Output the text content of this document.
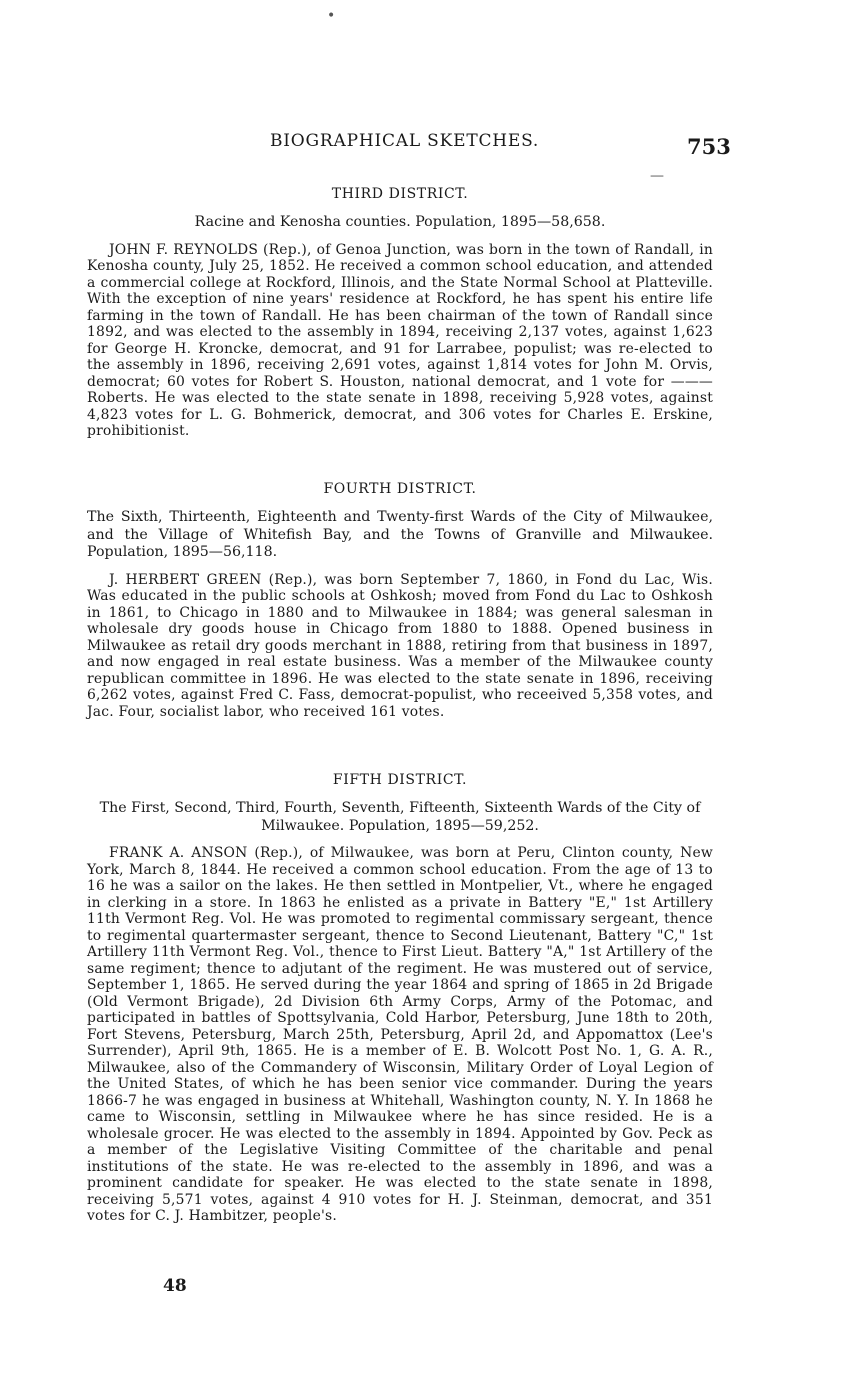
BIOGRAPHICAL SKETCHES.	753
•
—
THIRD DISTRICT.
Racine and Kenosha counties. Population, 1895—58,658.

JOHN F. REYNOLDS (Rep.), of Genoa Junction, was born in the town of Randall, in Kenosha county, July 25, 1852. He received a common school education, and attended a commercial college at Rockford, Illinois, and the State Normal School at Platteville. With the exception of nine years' residence at Rockford, he has spent his entire life farming in the town of Randall. He has been chairman of the town of Randall since 1892, and was elected to the assembly in 1894, receiving 2,137 votes, against 1,623 for George H. Kroncke, democrat, and 91 for Larrabee, populist; was re-elected to the assembly in 1896, receiving 2,691 votes, against 1,814 votes for John M. Orvis, democrat; 60 votes for Robert S. Houston, national democrat, and 1 vote for ——— Roberts. He was elected to the state senate in 1898, receiving 5,928 votes, against 4,823 votes for L. G. Bohmerick, democrat, and 306 votes for Charles E. Erskine, prohibitionist.

FOURTH DISTRICT.
The Sixth, Thirteenth, Eighteenth and Twenty-first Wards of the City of Milwaukee, and the Village of Whitefish Bay, and the Towns of Granville and Milwaukee. Population, 1895—56,118.

J. HERBERT GREEN (Rep.), was born September 7, 1860, in Fond du Lac, Wis. Was educated in the public schools at Oshkosh; moved from Fond du Lac to Oshkosh in 1861, to Chicago in 1880 and to Milwaukee in 1884; was general salesman in wholesale dry goods house in Chicago from 1880 to 1888. Opened business in Milwaukee as retail dry goods merchant in 1888, retiring from that business in 1897, and now engaged in real estate business. Was a member of the Milwaukee county republican committee in 1896. He was elected to the state senate in 1896, receiving 6,262 votes, against Fred C. Fass, democrat-populist, who receeived 5,358 votes, and Jac. Four, socialist labor, who received 161 votes.

FIFTH DISTRICT.
The First, Second, Third, Fourth, Seventh, Fifteenth, Sixteenth Wards of the City of Milwaukee. Population, 1895—59,252.

FRANK A. ANSON (Rep.), of Milwaukee, was born at Peru, Clinton county, New York, March 8, 1844. He received a common school education. From the age of 13 to 16 he was a sailor on the lakes. He then settled in Montpelier, Vt., where he engaged in clerking in a store. In 1863 he enlisted as a private in Battery "E," 1st Artillery 11th Vermont Reg. Vol. He was promoted to regimental commissary sergeant, thence to regimental quartermaster sergeant, thence to Second Lieutenant, Battery "C," 1st Artillery 11th Vermont Reg. Vol., thence to First Lieut. Battery "A," 1st Artillery of the same regiment; thence to adjutant of the regiment. He was mustered out of service, September 1, 1865. He served during the year 1864 and spring of 1865 in 2d Brigade (Old Vermont Brigade), 2d Division 6th Army Corps, Army of the Potomac, and participated in battles of Spottsylvania, Cold Harbor, Petersburg, June 18th to 20th, Fort Stevens, Petersburg, March 25th, Petersburg, April 2d, and Appomattox (Lee's Surrender), April 9th, 1865. He is a member of E. B. Wolcott Post No. 1, G. A. R., Milwaukee, also of the Commandery of Wisconsin, Military Order of Loyal Legion of the United States, of which he has been senior vice commander. During the years 1866-7 he was engaged in business at Whitehall, Washington county, N. Y. In 1868 he came to Wisconsin, settling in Milwaukee where he has since resided. He is a wholesale grocer. He was elected to the assembly in 1894. Appointed by Gov. Peck as a member of the Legislative Visiting Committee of the charitable and penal institutions of the state. He was re-elected to the assembly in 1896, and was a prominent candidate for speaker. He was elected to the state senate in 1898, receiving 5,571 votes, against 4 910 votes for H. J. Steinman, democrat, and 351 votes for C. J. Hambitzer, people's.

48
